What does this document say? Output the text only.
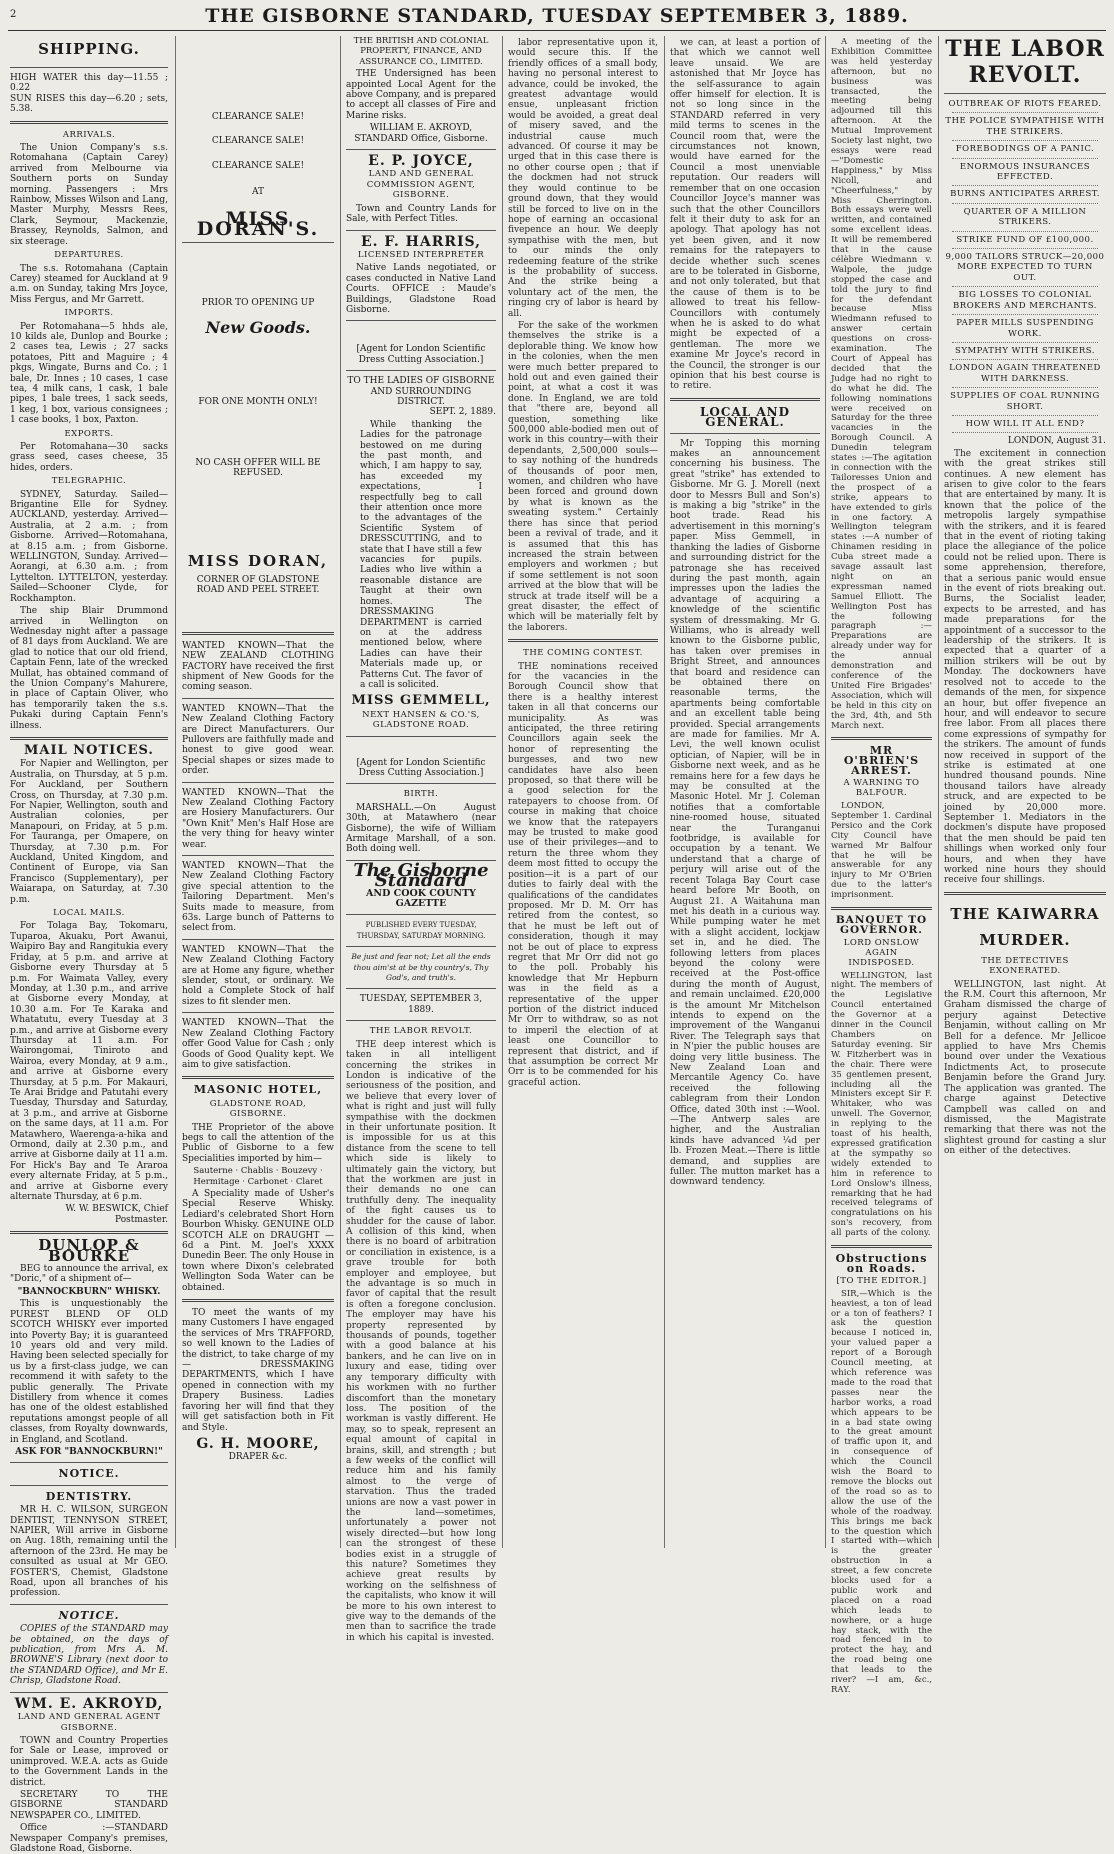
2	THE GISBORNE STANDARD, TUESDAY SEPTEMBER 3, 1889.
SHIPPING.
HIGH WATER this day—11.55 ; 0.22
SUN RISES this day—6.20 ; sets, 5.38.
ARRIVALS.

The Union Company's s.s. Rotomahana (Captain Carey) arrived from Melbourne via Southern ports on Sunday morning. Passengers : Mrs Rainbow, Misses Wilson and Lang, Master Murphy, Messrs Rees, Clark, Seymour, Mackenzie, Brassey, Reynolds, Salmon, and six steerage.

DEPARTURES.

The s.s. Rotomahana (Captain Carey) steamed for Auckland at 9 a.m. on Sunday, taking Mrs Joyce, Miss Fergus, and Mr Garrett.

IMPORTS.

Per Rotomahana—5 hhds ale, 10 kilds ale, Dunlop and Bourke ; 2 cases tea, Lewis ; 27 sacks potatoes, Pitt and Maguire ; 4 pkgs, Wingate, Burns and Co. ; 1 bale, Dr. Innes ; 10 cases, 1 case tea, 4 milk cans, 1 cask, 1 bale pipes, 1 bale trees, 1 sack seeds, 1 keg, 1 box, various consignees ; 1 case books, 1 box, Paxton.

EXPORTS.

Per Rotomahana—30 sacks grass seed, cases cheese, 35 hides, orders.

TELEGRAPHIC.

SYDNEY, Saturday. Sailed—Brigantine Elle for Sydney. AUCKLAND, yesterday. Arrived—Australia, at 2 a.m. ; from Gisborne. Arrived—Rotomahana, at 8.15 a.m. ; from Gisborne. WELLINGTON, Sunday. Arrived—Aorangi, at 6.30 a.m. ; from Lyttelton. LYTTELTON, yesterday. Sailed—Schooner Clyde, for Rockhampton.

The ship Blair Drummond arrived in Wellington on Wednesday night after a passage of 81 days from Auckland. We are glad to notice that our old friend, Captain Fenn, late of the wrecked Mullat, has obtained command of the Union Company's Mahurere, in place of Captain Oliver, who has temporarily taken the s.s. Pukaki during Captain Fenn's illness.

MAIL NOTICES.

For Napier and Wellington, per Australia, on Thursday, at 5 p.m. For Auckland, per Southern Cross, on Thursday, at 7.30 p.m. For Napier, Wellington, south and Australian colonies, per Manapouri, on Friday, at 5 p.m. For Tauranga, per Omapere, on Thursday, at 7.30 p.m. For Auckland, United Kingdom, and Continent of Europe, via San Francisco (Supplementary), per Waiarapa, on Saturday, at 7.30 p.m.

LOCAL MAILS.

For Tolaga Bay, Tokomaru, Tuparoa, Akuaku, Port Awanui, Waipiro Bay and Rangitukia every Friday, at 5 p.m. and arrive at Gisborne every Thursday at 5 p.m. For Waimata Valley, every Monday, at 1.30 p.m., and arrive at Gisborne every Monday, at 10.30 a.m. For Te Karaka and Whatatutu, every Tuesday at 3 p.m., and arrive at Gisborne every Thursday at 11 a.m. For Wairongomai, Tiniroto and Wairoa, every Monday, at 9 a.m., and arrive at Gisborne every Thursday, at 5 p.m. For Makauri, Te Arai Bridge and Patutahi every Tuesday, Thursday and Saturday, at 3 p.m., and arrive at Gisborne on the same days, at 11 a.m. For Matawhero, Waerenga-a-hika and Ormond, daily at 2.30 p.m., and arrive at Gisborne daily at 11 a.m. For Hick's Bay and Te Araroa every alternate Friday, at 5 p.m., and arrive at Gisborne every alternate Thursday, at 6 p.m.

W. W. BESWICK, Chief Postmaster.
DUNLOP & BOURKE

BEG to announce the arrival, ex "Doric," of a shipment of—

"BANNOCKBURN" WHISKY.

This is unquestionably the PUREST BLEND OF OLD SCOTCH WHISKY ever imported into Poverty Bay; it is guaranteed 10 years old and very mild. Having been selected specially for us by a first-class judge, we can recommend it with safety to the public generally. The Private Distillery from whence it comes has one of the oldest established reputations amongst people of all classes, from Royalty downwards, in England, and Scotland.

ASK FOR "BANNOCKBURN!"
NOTICE.
DENTISTRY.

MR H. C. WILSON, SURGEON DENTIST, TENNYSON STREET, NAPIER, Will arrive in Gisborne on Aug. 18th, remaining until the afternoon of the 23rd. He may be consulted as usual at Mr GEO. FOSTER'S, Chemist, Gladstone Road, upon all branches of his profession.

NOTICE.

COPIES of the STANDARD may be obtained, on the days of publication, from Mrs A. M. BROWNE'S Library (next door to the STANDARD Office), and Mr E. Chrisp, Gladstone Road.

WM. E. AKROYD,
LAND AND GENERAL AGENT GISBORNE.

TOWN and Country Properties for Sale or Lease, improved or unimproved. W.E.A. acts as Guide to the Government Lands in the district.

SECRETARY TO THE GISBORNE STANDARD NEWSPAPER CO., LIMITED.

Office :—STANDARD Newspaper Company's premises, Gladstone Road, Gisborne.

CLEARANCE SALE!
CLEARANCE SALE!
CLEARANCE SALE!
AT
MISS DORAN'S.
PRIOR TO OPENING UP
New Goods.
FOR ONE MONTH ONLY!
NO CASH OFFER WILL BE REFUSED.
MISS DORAN,
CORNER OF GLADSTONE ROAD AND PEEL STREET.

WANTED KNOWN—That the NEW ZEALAND CLOTHING FACTORY have received the first shipment of New Goods for the coming season.

WANTED KNOWN—That the New Zealand Clothing Factory are Direct Manufacturers. Our Pullovers are faithfully made and honest to give good wear. Special shapes or sizes made to order.

WANTED KNOWN—That the New Zealand Clothing Factory are Hosiery Manufacturers. Our "Own Knit" Men's Half Hose are the very thing for heavy winter wear.

WANTED KNOWN—That the New Zealand Clothing Factory give special attention to the Tailoring Department. Men's Suits made to measure, from 63s. Large bunch of Patterns to select from.

WANTED KNOWN—That the New Zealand Clothing Factory are at Home any figure, whether slender, stout, or ordinary. We hold a Complete Stock of half sizes to fit slender men.

WANTED KNOWN—That the New Zealand Clothing Factory offer Good Value for Cash ; only Goods of Good Quality kept. We aim to give satisfaction.

MASONIC HOTEL,
GLADSTONE ROAD, GISBORNE.

THE Proprietor of the above begs to call the attention of the Public of Gisborne to a few Specialities imported by him—

Sauterne · Chablis · Bouzevy · Hermitage · Carbonet · Claret

A Speciality made of Usher's Special Reserve Whisky. Lediard's celebrated Short Horn Bourbon Whisky. GENUINE OLD SCOTCH ALE on DRAUGHT — 6d a Pint. M. Joel's XXXX Dunedin Beer. The only House in town where Dixon's celebrated Wellington Soda Water can be obtained.

TO meet the wants of my many Customers I have engaged the services of Mrs TRAFFORD, so well known to the Ladies of the district, to take charge of my— DRESSMAKING DEPARTMENTS, which I have opened in connection with my Drapery Business. Ladies favoring her will find that they will get satisfaction both in Fit and Style.

G. H. MOORE,
DRAPER &c.
THE BRITISH AND COLONIAL PROPERTY, FINANCE, AND ASSURANCE CO., LIMITED.

THE Undersigned has been appointed Local Agent for the above Company, and is prepared to accept all classes of Fire and Marine risks.

WILLIAM E. AKROYD, STANDARD Office, Gisborne.
E. P. JOYCE,
LAND AND GENERAL COMMISSION AGENT, GISBORNE.

Town and Country Lands for Sale, with Perfect Titles.

E. F. HARRIS,
LICENSED INTERPRETER

Native Lands negotiated, or cases conducted in Native Land Courts. OFFICE : Maude's Buildings, Gladstone Road Gisborne.

[Agent for London Scientific Dress Cutting Association.]
TO THE LADIES OF GISBORNE AND SURROUNDING DISTRICT.
SEPT. 2, 1889.

While thanking the Ladies for the patronage bestowed on me during the past month, and which, I am happy to say, has exceeded my expectations, I respectfully beg to call their attention once more to the advantages of the Scientific System of DRESSCUTTING, and to state that I have still a few vacancies for pupils. Ladies who live within a reasonable distance are Taught at their own homes. The DRESSMAKING DEPARTMENT is carried on at the address mentioned below, where Ladies can have their Materials made up, or Patterns Cut. The favor of a call is solicited.

MISS GEMMELL,
NEXT HANSEN & CO.'S, GLADSTONE ROAD.
[Agent for London Scientific Dress Cutting Association.]
BIRTH.

MARSHALL.—On August 30th, at Matawhero (near Gisborne), the wife of William Armitage Marshall, of a son. Both doing well.

The Gisborne Standard
AND COOK COUNTY GAZETTE
PUBLISHED EVERY TUESDAY, THURSDAY, SATURDAY MORNING.
Be just and fear not; Let all the ends thou aim'st at be thy country's, Thy God's, and truth's.
TUESDAY, SEPTEMBER 3, 1889.
THE LABOR REVOLT.

THE deep interest which is taken in all intelligent concerning the strikes in London is indicative of the seriousness of the position, and we believe that every lover of what is right and just will fully sympathise with the dockmen in their unfortunate position. It is impossible for us at this distance from the scene to tell which side is likely to ultimately gain the victory, but that the workmen are just in their demands no one can truthfully deny. The inequality of the fight causes us to shudder for the cause of labor. A collision of this kind, when there is no board of arbitration or conciliation in existence, is a grave trouble for both employer and employee, but the advantage is so much in favor of capital that the result is often a foregone conclusion. The employer may have his property represented by thousands of pounds, together with a good balance at his bankers, and he can live on in luxury and ease, tiding over any temporary difficulty with his workmen with no further discomfort than the monetary loss. The position of the workman is vastly different. He may, so to speak, represent an equal amount of capital in brains, skill, and strength ; but a few weeks of the conflict will reduce him and his family almost to the verge of starvation. Thus the traded unions are now a vast power in the land—sometimes, unfortunately a power not wisely directed—but how long can the strongest of these bodies exist in a struggle of this nature? Sometimes they achieve great results by working on the selfishness of the capitalists, who know it will be more to his own interest to give way to the demands of the men than to sacrifice the trade in which his capital is invested.

labor representative upon it, would secure this. If the friendly offices of a small body, having no personal interest to advance, could be invoked, the greatest advantage would ensue, unpleasant friction would be avoided, a great deal of misery saved, and the industrial cause much advanced. Of course it may be urged that in this case there is no other course open ; that if the dockmen had not struck they would continue to be ground down, that they would still be forced to live on in the hope of earning an occasional fivepence an hour. We deeply sympathise with the men, but to our minds the only redeeming feature of the strike is the probability of success. And the strike being a voluntary act of the men, the ringing cry of labor is heard by all.

For the sake of the workmen themselves the strike is a deplorable thing. We know how in the colonies, when the men were much better prepared to hold out and even gained their point, at what a cost it was done. In England, we are told that "there are, beyond all question, something like 500,000 able-bodied men out of work in this country—with their dependants, 2,500,000 souls—to say nothing of the hundreds of thousands of poor men, women, and children who have been forced and ground down by what is known as the sweating system." Certainly there has since that period been a revival of trade, and it is assumed that this has increased the strain between employers and workmen ; but if some settlement is not soon arrived at the blow that will be struck at trade itself will be a great disaster, the effect of which will be materially felt by the laborers.

THE COMING CONTEST.

THE nominations received for the vacancies in the Borough Council show that there is a healthy interest taken in all that concerns our municipality. As was anticipated, the three retiring Councillors again seek the honor of representing the burgesses, and two new candidates have also been proposed, so that there will be a good selection for the ratepayers to choose from. Of course in making that choice we know that the ratepayers may be trusted to make good use of their privileges—and to return the three whom they deem most fitted to occupy the position—it is a part of our duties to fairly deal with the qualifications of the candidates proposed. Mr D. M. Orr has retired from the contest, so that he must be left out of consideration, though it may not be out of place to express regret that Mr Orr did not go to the poll. Probably his knowledge that Mr Hepburn was in the field as a representative of the upper portion of the district induced Mr Orr to withdraw, so as not to imperil the election of at least one Councillor to represent that district, and if that assumption be correct Mr Orr is to be commended for his graceful action.

we can, at least a portion of that which we cannot well leave unsaid. We are astonished that Mr Joyce has the self-assurance to again offer himself for election. It is not so long since in the STANDARD referred in very mild terms to scenes in the Council room that, were the circumstances not known, would have earned for the Council a most unenviable reputation. Our readers will remember that on one occasion Councillor Joyce's manner was such that the other Councillors felt it their duty to ask for an apology. That apology has not yet been given, and it now remains for the ratepayers to decide whether such scenes are to be tolerated in Gisborne, and not only tolerated, but that the cause of them is to be allowed to treat his fellow-Councillors with contumely when he is asked to do what might be expected of a gentleman. The more we examine Mr Joyce's record in the Council, the stronger is our opinion that his best course is to retire.

LOCAL AND GENERAL.

Mr Topping this morning makes an announcement concerning his business. The great "strike" has extended to Gisborne. Mr G. J. Morell (next door to Messrs Bull and Son's) is making a big "strike" in the boot trade. Read his advertisement in this morning's paper. Miss Gemmell, in thanking the ladies of Gisborne and surrounding district for the patronage she has received during the past month, again impresses upon the ladies the advantage of acquiring a knowledge of the scientific system of dressmaking. Mr G. Williams, who is already well known to the Gisborne public, has taken over premises in Bright Street, and announces that board and residence can be obtained there on reasonable terms, the apartments being comfortable and an excellent table being provided. Special arrangements are made for families. Mr A. Levi, the well known oculist optician, of Napier, will be in Gisborne next week, and as he remains here for a few days he may be consulted at the Masonic Hotel. Mr J. Coleman notifies that a comfortable nine-roomed house, situated near the Turanganui footbridge, is available for occupation by a tenant. We understand that a charge of perjury will arise out of the recent Tolaga Bay Court case heard before Mr Booth, on August 21. A Waitahuna man met his death in a curious way. While pumping water he met with a slight accident, lockjaw set in, and he died. The following letters from places beyond the colony were received at the Post-office during the month of August, and remain unclaimed. £20,000 is the amount Mr Mitchelson intends to expend on the improvement of the Wanganui River. The Telegraph says that in N'pier the public houses are doing very little business. The New Zealand Loan and Mercantile Agency Co. have received the following cablegram from their London Office, dated 30th inst :—Wool.—The Antwerp sales are higher, and the Australian kinds have advanced ¼d per lb. Frozen Meat.—There is little demand, and supplies are fuller. The mutton market has a downward tendency.

A meeting of the Exhibition Committee was held yesterday afternoon, but no business was transacted, the meeting being adjourned till this afternoon. At the Mutual Improvement Society last night, two essays were read—"Domestic Happiness," by Miss Nicoll, and "Cheerfulness," by Miss Cherrington. Both essays were well written, and contained some excellent ideas. It will be remembered that in the cause célèbre Wiedmann v. Walpole, the judge stopped the case and told the jury to find for the defendant because Miss Wiedmann refused to answer certain questions on cross-examination. The Court of Appeal has decided that the Judge had no right to do what he did. The following nominations were received on Saturday for the three vacancies in the Borough Council. A Dunedin telegram states :—The agitation in connection with the Tailoresses Union and the prospect of a strike, appears to have extended to girls in one factory. A Wellington telegram states :—A number of Chinamen residing in Cuba street made a savage assault last night on an expressman named Samuel Elliott. The Wellington Post has the following paragraph :—Preparations are already under way for the annual demonstration and conference of the United Fire Brigades' Association, which will be held in this city on the 3rd, 4th, and 5th March next.

MR O'BRIEN'S ARREST.
A WARNING TO BALFOUR.

LONDON, September 1. Cardinal Persico and the Cork City Council have warned Mr Balfour that he will be answerable for any injury to Mr O'Brien due to the latter's imprisonment.

BANQUET TO GOVERNOR.
LORD ONSLOW AGAIN INDISPOSED.

WELLINGTON, last night. The members of the Legislative Council entertained the Governor at a dinner in the Council Chambers on Saturday evening. Sir W. Fitzherbert was in the chair. There were 35 gentlemen present, including all the Ministers except Sir F. Whitaker, who was unwell. The Governor, in replying to the toast of his health, expressed gratification at the sympathy so widely extended to him in reference to Lord Onslow's illness, remarking that he had received telegrams of congratulations on his son's recovery, from all parts of the colony.

Obstructions on Roads.
[TO THE EDITOR.]

SIR,—Which is the heaviest, a ton of lead or a ton of feathers? I ask the question because I noticed in, your valued paper a report of a Borough Council meeting, at which reference was made to the road that passes near the harbor works, a road which appears to be in a bad state owing to the great amount of traffic upon it, and in consequence of which the Council wish the Board to remove the blocks out of the road so as to allow the use of the whole of the roadway. This brings me back to the question which I started with—which is the greater obstruction in a street, a few concrete blocks used for a public work and placed on a road which leads to nowhere, or a huge hay stack, with the road fenced in to protect the hay, and the road being one that leads to the river? —I am, &c., RAY.

THE LABOR REVOLT.
OUTBREAK OF RIOTS FEARED.
THE POLICE SYMPATHISE WITH THE STRIKERS.
FOREBODINGS OF A PANIC.
ENORMOUS INSURANCES EFFECTED.
BURNS ANTICIPATES ARREST.
QUARTER OF A MILLION STRIKERS.
STRIKE FUND OF £100,000.
9,000 TAILORS STRUCK—20,000 MORE EXPECTED TO TURN OUT.
BIG LOSSES TO COLONIAL BROKERS AND MERCHANTS.
PAPER MILLS SUSPENDING WORK.
SYMPATHY WITH STRIKERS.
LONDON AGAIN THREATENED WITH DARKNESS.
SUPPLIES OF COAL RUNNING SHORT.
HOW WILL IT ALL END?
LONDON, August 31.

The excitement in connection with the great strikes still continues. A new element has arisen to give color to the fears that are entertained by many. It is known that the police of the metropolis largely sympathise with the strikers, and it is feared that in the event of rioting taking place the allegiance of the police could not be relied upon. There is some apprehension, therefore, that a serious panic would ensue in the event of riots breaking out. Burns, the Socialist leader, expects to be arrested, and has made preparations for the appointment of a successor to the leadership of the strikers. It is expected that a quarter of a million strikers will be out by Monday. The dockowners have resolved not to accede to the demands of the men, for sixpence an hour, but offer fivepence an hour, and will endeavor to secure free labor. From all places there come expressions of sympathy for the strikers. The amount of funds now received in support of the strike is estimated at one hundred thousand pounds. Nine thousand tailors have already struck, and are expected to be joined by 20,000 more. September 1. Mediators in the dockmen's dispute have proposed that the men should be paid ten shillings when worked only four hours, and when they have worked nine hours they should receive four shillings.

THE KAIWARRA MURDER.
THE DETECTIVES EXONERATED.

WELLINGTON, last night. At the R.M. Court this afternoon, Mr Graham dismissed the charge of perjury against Detective Benjamin, without calling on Mr Bell for a defence. Mr Jellicoe applied to have Mrs Chemis bound over under the Vexatious Indictments Act, to prosecute Benjamin before the Grand Jury. The application was granted. The charge against Detective Campbell was called on and dismissed, the Magistrate remarking that there was not the slightest ground for casting a slur on either of the detectives.
